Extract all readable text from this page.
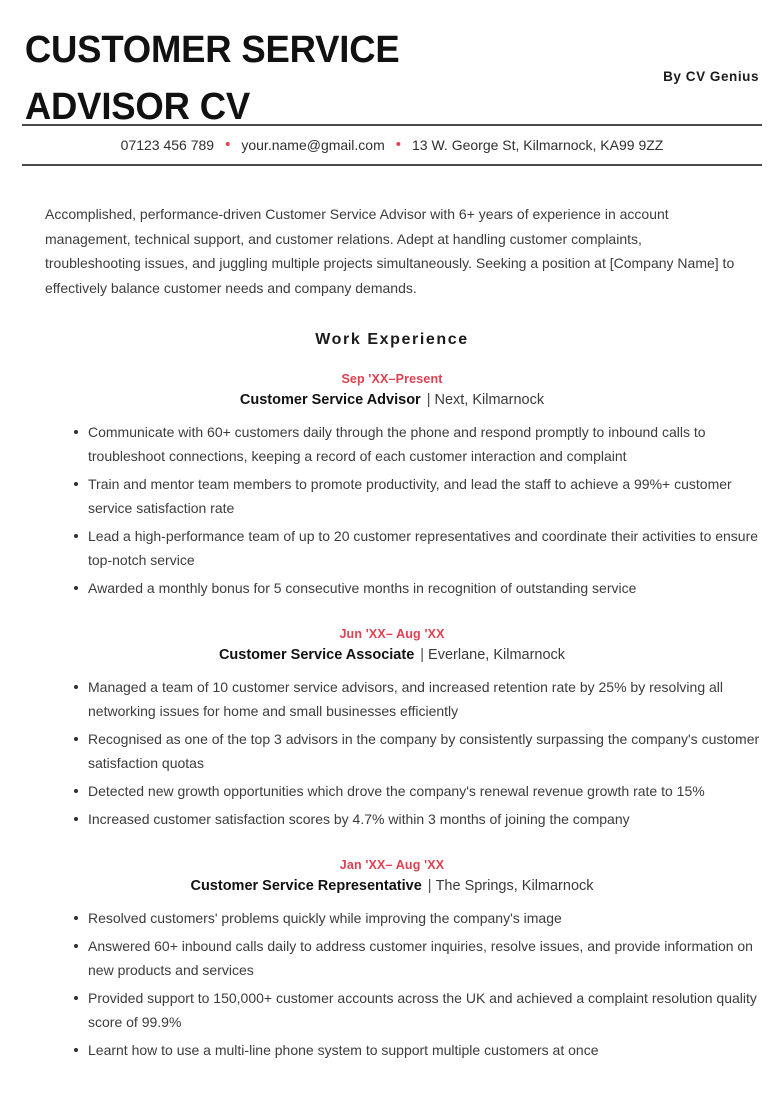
CUSTOMER SERVICE ADVISOR CV
By CV Genius
07123 456 789 • your.name@gmail.com • 13 W. George St, Kilmarnock, KA99 9ZZ

Accomplished, performance-driven Customer Service Advisor with 6+ years of experience in account management, technical support, and customer relations. Adept at handling customer complaints, troubleshooting issues, and juggling multiple projects simultaneously. Seeking a position at [Company Name] to effectively balance customer needs and company demands.

Work Experience
Sep 'XX–Present
Customer Service Advisor | Next, Kilmarnock
Communicate with 60+ customers daily through the phone and respond promptly to inbound calls to troubleshoot connections, keeping a record of each customer interaction and complaint
Train and mentor team members to promote productivity, and lead the staff to achieve a 99%+ customer service satisfaction rate
Lead a high-performance team of up to 20 customer representatives and coordinate their activities to ensure top-notch service
Awarded a monthly bonus for 5 consecutive months in recognition of outstanding service
Jun 'XX– Aug 'XX
Customer Service Associate | Everlane, Kilmarnock
Managed a team of 10 customer service advisors, and increased retention rate by 25% by resolving all networking issues for home and small businesses efficiently
Recognised as one of the top 3 advisors in the company by consistently surpassing the company's customer satisfaction quotas
Detected new growth opportunities which drove the company's renewal revenue growth rate to 15%
Increased customer satisfaction scores by 4.7% within 3 months of joining the company
Jan 'XX– Aug 'XX
Customer Service Representative | The Springs, Kilmarnock
Resolved customers' problems quickly while improving the company's image
Answered 60+ inbound calls daily to address customer inquiries, resolve issues, and provide information on new products and services
Provided support to 150,000+ customer accounts across the UK and achieved a complaint resolution quality score of 99.9%
Learnt how to use a multi-line phone system to support multiple customers at once
